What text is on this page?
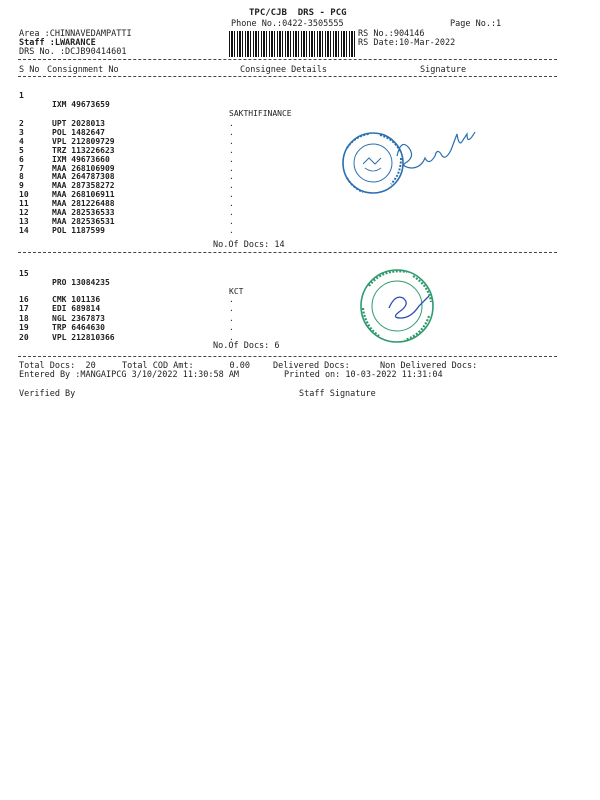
TPC/CJB  DRS - PCG
Phone No.:0422-3505555	Page No.:1
Area :CHINNAVEDAMPATTI
Staff :LWARANCE
DRS No. :DCJB90414601
RS No.:904146
RS Date:10-Mar-2022
S No Consignment No	Consignee Details	Signature

1

IXM 49673659

SAKTHIFINANCE

2	UPT 2028013	.
3	POL 1482647	.
4	VPL 212809729	.
5	TRZ 113226623	.
6	IXM 49673660	.
7	MAA 268106909	.
8	MAA 264787308	.
9	MAA 287358272	.
10	MAA 268106911	.
11	MAA 281226488	.
12	MAA 282536533	.
13	MAA 282536531	.
14	POL 1187599	.
No.Of Docs: 14

15

PRO 13084235

KCT

16	CMK 101136	.
17	EDI 689814	.
18	NGL 2367873	.
19	TRP 6464630	.
20	VPL 212810366	.
No.Of Docs: 6
Total Docs:  20	Total COD Amt:       0.00	Delivered Docs:	Non Delivered Docs:
Entered By :MANGAIPCG 3/10/2022 11:30:58 AM	Printed on: 10-03-2022 11:31:04
Verified By	Staff Signature
